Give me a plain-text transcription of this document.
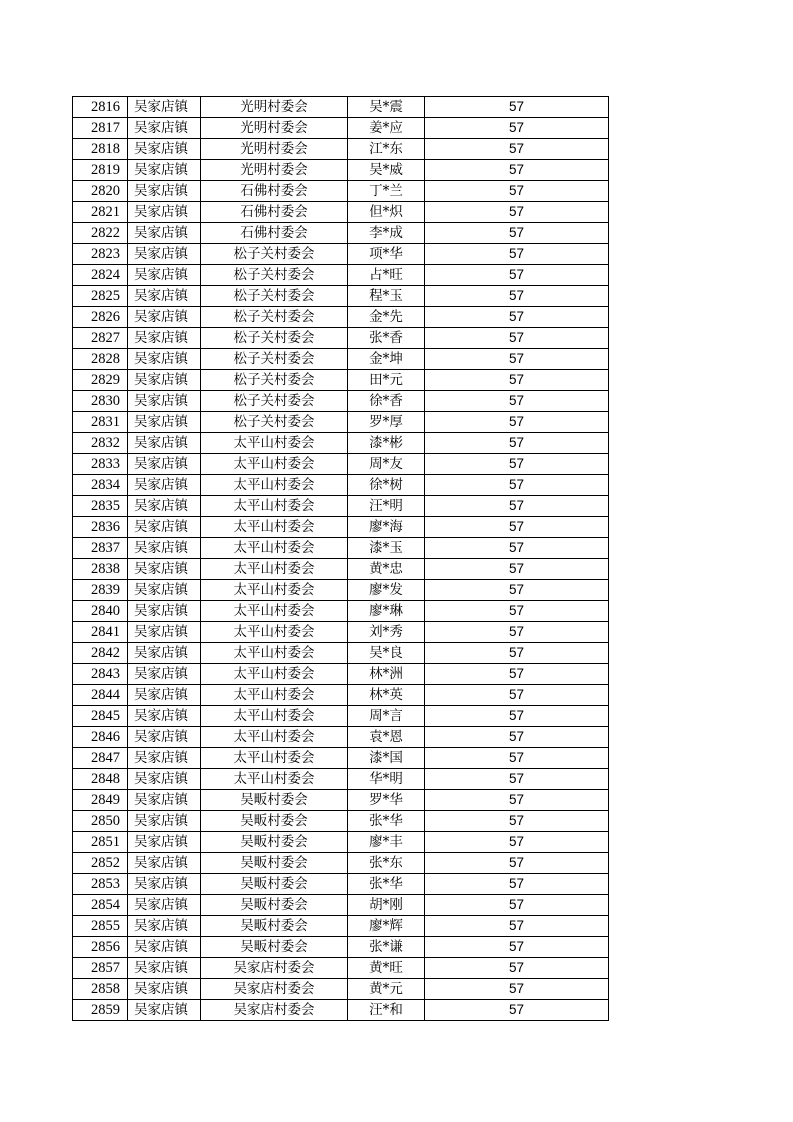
2816	吴家店镇	光明村委会	吴*震	57
2817	吴家店镇	光明村委会	姜*应	57
2818	吴家店镇	光明村委会	江*东	57
2819	吴家店镇	光明村委会	吴*威	57
2820	吴家店镇	石佛村委会	丁*兰	57
2821	吴家店镇	石佛村委会	但*炽	57
2822	吴家店镇	石佛村委会	李*成	57
2823	吴家店镇	松子关村委会	项*华	57
2824	吴家店镇	松子关村委会	占*旺	57
2825	吴家店镇	松子关村委会	程*玉	57
2826	吴家店镇	松子关村委会	金*先	57
2827	吴家店镇	松子关村委会	张*香	57
2828	吴家店镇	松子关村委会	金*坤	57
2829	吴家店镇	松子关村委会	田*元	57
2830	吴家店镇	松子关村委会	徐*香	57
2831	吴家店镇	松子关村委会	罗*厚	57
2832	吴家店镇	太平山村委会	漆*彬	57
2833	吴家店镇	太平山村委会	周*友	57
2834	吴家店镇	太平山村委会	徐*树	57
2835	吴家店镇	太平山村委会	汪*明	57
2836	吴家店镇	太平山村委会	廖*海	57
2837	吴家店镇	太平山村委会	漆*玉	57
2838	吴家店镇	太平山村委会	黄*忠	57
2839	吴家店镇	太平山村委会	廖*发	57
2840	吴家店镇	太平山村委会	廖*琳	57
2841	吴家店镇	太平山村委会	刘*秀	57
2842	吴家店镇	太平山村委会	吴*良	57
2843	吴家店镇	太平山村委会	林*洲	57
2844	吴家店镇	太平山村委会	林*英	57
2845	吴家店镇	太平山村委会	周*言	57
2846	吴家店镇	太平山村委会	袁*恩	57
2847	吴家店镇	太平山村委会	漆*国	57
2848	吴家店镇	太平山村委会	华*明	57
2849	吴家店镇	吴畈村委会	罗*华	57
2850	吴家店镇	吴畈村委会	张*华	57
2851	吴家店镇	吴畈村委会	廖*丰	57
2852	吴家店镇	吴畈村委会	张*东	57
2853	吴家店镇	吴畈村委会	张*华	57
2854	吴家店镇	吴畈村委会	胡*刚	57
2855	吴家店镇	吴畈村委会	廖*辉	57
2856	吴家店镇	吴畈村委会	张*谦	57
2857	吴家店镇	吴家店村委会	黄*旺	57
2858	吴家店镇	吴家店村委会	黄*元	57
2859	吴家店镇	吴家店村委会	汪*和	57
